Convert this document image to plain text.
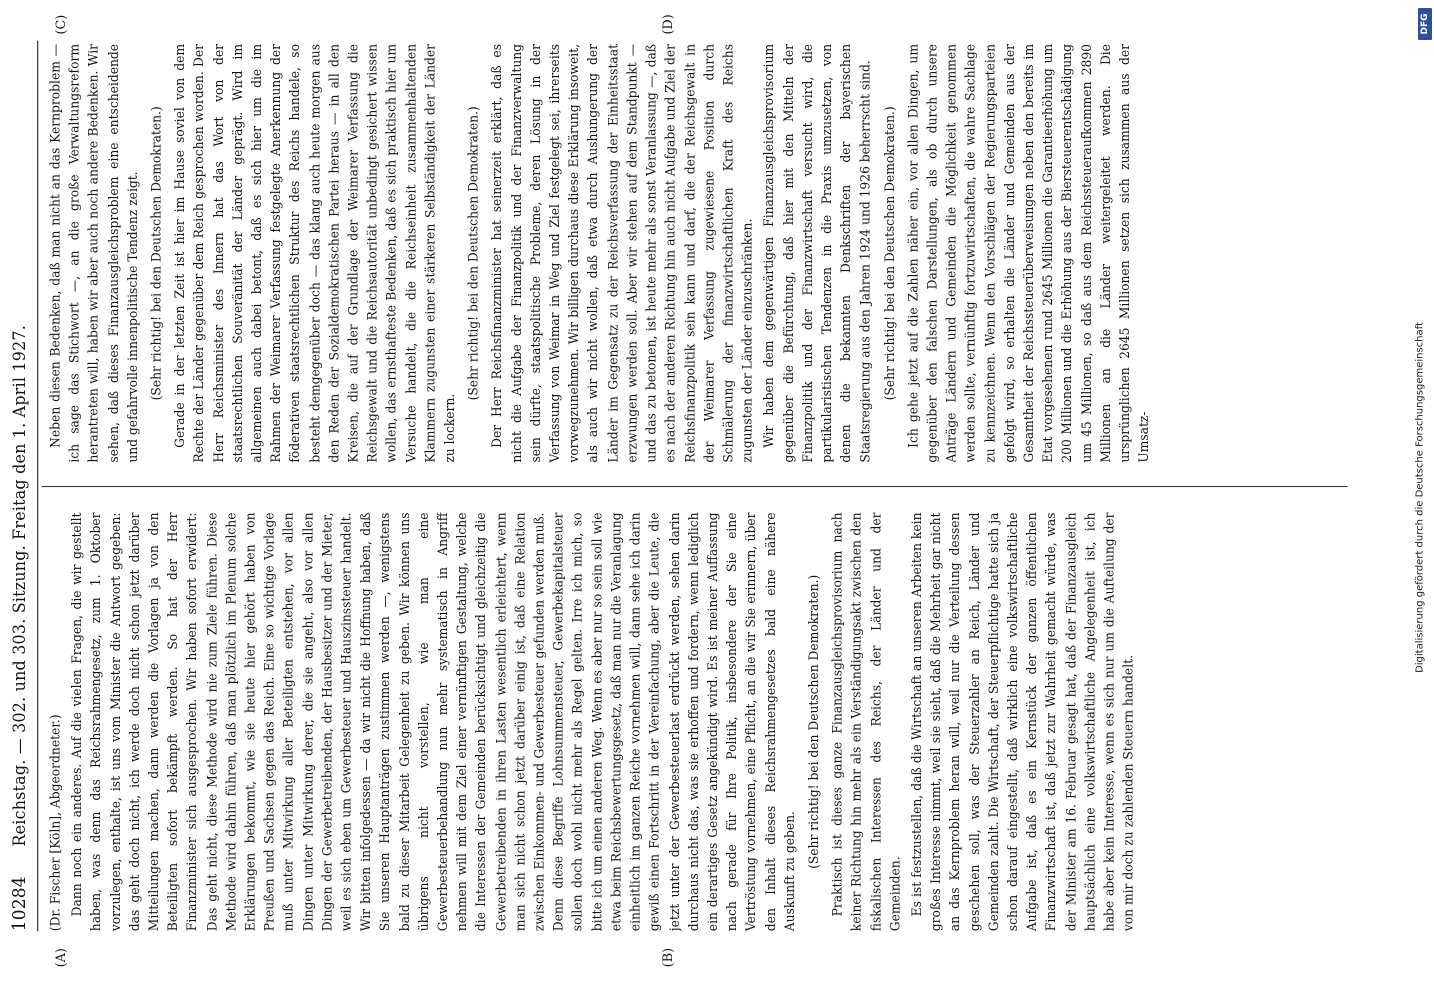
10284
Reichstag. — 302. und 303. Sitzung. Freitag den 1. April 1927.
(A)	(B)
(C)	(D)

(Dr. Fischer [Köln], Abgeordneter.) Dann noch ein anderes. Auf die vielen Fragen, die wir gestellt haben, was denn das Reichsrahmengesetz, zum 1. Oktober vorzulegen, enthalte, ist uns vom Minister die Antwort gegeben: das geht doch nicht, ich werde doch nicht schon jetzt darüber Mitteilungen machen, dann werden die Vorlagen ja von den Beteiligten sofort bekämpft werden. So hat der Herr Finanzminister sich ausgesprochen. Wir haben sofort erwidert: Das geht nicht, diese Methode wird nie zum Ziele führen. Diese Methode wird dahin führen, daß man plötzlich im Plenum solche Erklärungen bekommt, wie sie heute hier gehört haben von Preußen und Sachsen gegen das Reich. Eine so wichtige Vorlage muß unter Mitwirkung aller Beteiligten entstehen, vor allen Dingen unter Mitwirkung derer, die sie angeht, also vor allen Dingen der Gewerbetreibenden, der Hausbesitzer und der Mieter, weil es sich eben um Gewerbesteuer und Hauszinssteuer handelt. Wir bitten infolgedessen — da wir nicht die Hoffnung haben, daß Sie unseren Hauptanträgen zustimmen werden —, wenigstens bald zu dieser Mitarbeit Gelegenheit zu geben. Wir können uns übrigens nicht vorstellen, wie man eine Gewerbesteuerbehandlung nun mehr systematisch in Angriff nehmen will mit dem Ziel einer vernünftigen Gestaltung, welche die Interessen der Gemeinden berücksichtigt und gleichzeitig die Gewerbetreibenden in ihren Lasten wesentlich erleichtert, wenn man sich nicht schon jetzt darüber einig ist, daß eine Relation zwischen Einkommen- und Gewerbesteuer gefunden werden muß. Denn diese Begriffe Lohnsummensteuer, Gewerbekapitalsteuer sollen doch wohl nicht mehr als Regel gelten. Irre ich mich, so bitte ich um einen anderen Weg. Wenn es aber nur so sein soll wie etwa beim Reichsbewertungsgesetz, daß man nur die Veranlagung einheitlich im ganzen Reiche vornehmen will, dann sehe ich darin gewiß einen Fortschritt in der Vereinfachung, aber die Leute, die jetzt unter der Gewerbesteuerlast erdrückt werden, sehen darin durchaus nicht das, was sie erhoffen und fordern, wenn lediglich ein derartiges Gesetz angekündigt wird. Es ist meiner Auffassung nach gerade für Ihre Politik, insbesondere der Sie eine Vertröstung vornehmen, eine Pflicht, an die wir Sie erinnern, über den Inhalt dieses Reichsrahmengesetzes bald eine nähere Auskunft zu geben.

(Sehr richtig! bei den Deutschen Demokraten.) Praktisch ist dieses ganze Finanzausgleichsprovisorium nach keiner Richtung hin mehr als ein Verständigungsakt zwischen den fiskalischen Interessen des Reichs, der Länder und der Gemeinden. Es ist festzustellen, daß die Wirtschaft an unseren Arbeiten kein großes Interesse nimmt, weil sie sieht, daß die Mehrheit gar nicht an das Kernproblem heran will, weil nur die Verteilung dessen geschehen soll, was der Steuerzahler an Reich, Länder und Gemeinden zahlt. Die Wirtschaft, der Steuerpflichtige hatte sich ja schon darauf eingestellt, daß wirklich eine volkswirtschaftliche Aufgabe ist, daß es ein Kernstück der ganzen öffentlichen Finanzwirtschaft ist, daß jetzt zur Wahrheit gemacht würde, was der Minister am 16. Februar gesagt hat, daß der Finanzausgleich hauptsächlich eine volkswirtschaftliche Angelegenheit ist, ich habe aber kein Interesse, wenn es sich nur um die Aufteilung der von mir doch zu zahlenden Steuern handelt.

Neben diesen Bedenken, daß man nicht an das Kernproblem — ich sage das Stichwort —, an die große Verwaltungsreform herantreten will, haben wir aber auch noch andere Bedenken. Wir sehen, daß dieses Finanzausgleichsproblem eine entscheidende und gefahrvolle innenpolitische Tendenz zeigt. (Sehr richtig! bei den Deutschen Demokraten.) Gerade in der letzten Zeit ist hier im Hause soviel von dem Rechte der Länder gegenüber dem Reich gesprochen worden. Der Herr Reichsminister des Innern hat das Wort von der staatsrechtlichen Souveränität der Länder geprägt. Wird im allgemeinen auch dabei betont, daß es sich hier um die im Rahmen der Weimarer Verfassung festgelegte Anerkennung der föderativen staatsrechtlichen Struktur des Reichs handele, so besteht demgegenüber doch — das klang auch heute morgen aus den Reden der Sozialdemokratischen Partei heraus — in all den Kreisen, die auf der Grundlage der Weimarer Verfassung die Reichsgewalt und die Reichsautorität unbedingt gesichert wissen wollen, das ernsthafteste Bedenken, daß es sich praktisch hier um Versuche handelt, die die Reichseinheit zusammenhaltenden Klammern zugunsten einer stärkeren Selbständigkeit der Länder zu lockern.

(Sehr richtig! bei den Deutschen Demokraten.) Der Herr Reichsfinanzminister hat seinerzeit erklärt, daß es nicht die Aufgabe der Finanzpolitik und der Finanzverwaltung sein dürfte, staatspolitische Probleme, deren Lösung in der Verfassung von Weimar in Weg und Ziel festgelegt sei, ihrerseits vorwegzunehmen. Wir billigen durchaus diese Erklärung insoweit, als auch wir nicht wollen, daß etwa durch Aushungerung der Länder im Gegensatz zu der Reichsverfassung der Einheitsstaat erzwungen werden soll. Aber wir stehen auf dem Standpunkt — und das zu betonen, ist heute mehr als sonst Veranlassung —, daß es nach der anderen Richtung hin auch nicht Aufgabe und Ziel der Reichsfinanzpolitik sein kann und darf, die der Reichsgewalt in der Weimarer Verfassung zugewiesene Position durch Schmälerung der finanzwirtschaftlichen Kraft des Reichs zugunsten der Länder einzuschränken. Wir haben dem gegenwärtigen Finanzausgleichsprovisorium gegenüber die Befürchtung, daß hier mit den Mitteln der Finanzpolitik und der Finanzwirtschaft versucht wird, die partikularistischen Tendenzen in die Praxis umzusetzen, von denen die bekannten Denkschriften der bayerischen Staatsregierung aus den Jahren 1924 und 1926 beherrscht sind. (Sehr richtig! bei den Deutschen Demokraten.) Ich gehe jetzt auf die Zahlen näher ein, vor allen Dingen, um gegenüber den falschen Darstellungen, als ob durch unsere Anträge Ländern und Gemeinden die Möglichkeit genommen werden sollte, vernünftig fortzuwirtschaften, die wahre Sachlage zu kennzeichnen. Wenn den Vorschlägen der Regierungsparteien gefolgt wird, so erhalten die Länder und Gemeinden aus der Gesamtheit der Reichssteuerüberweisungen neben den bereits im Etat vorgesehenen rund 2645 Millionen die Garantieerhöhung um 200 Millionen und die Erhöhung aus der Biersteuerentschädigung um 45 Millionen, so daß aus dem Reichssteueraufkommen 2890 Millionen an die Länder weitergeleitet werden. Die ursprünglichen 2645 Millionen setzen sich zusammen aus der Umsatz-	Digitalisierung gefördert durch die Deutsche Forschungsgemeinschaft
DFG
